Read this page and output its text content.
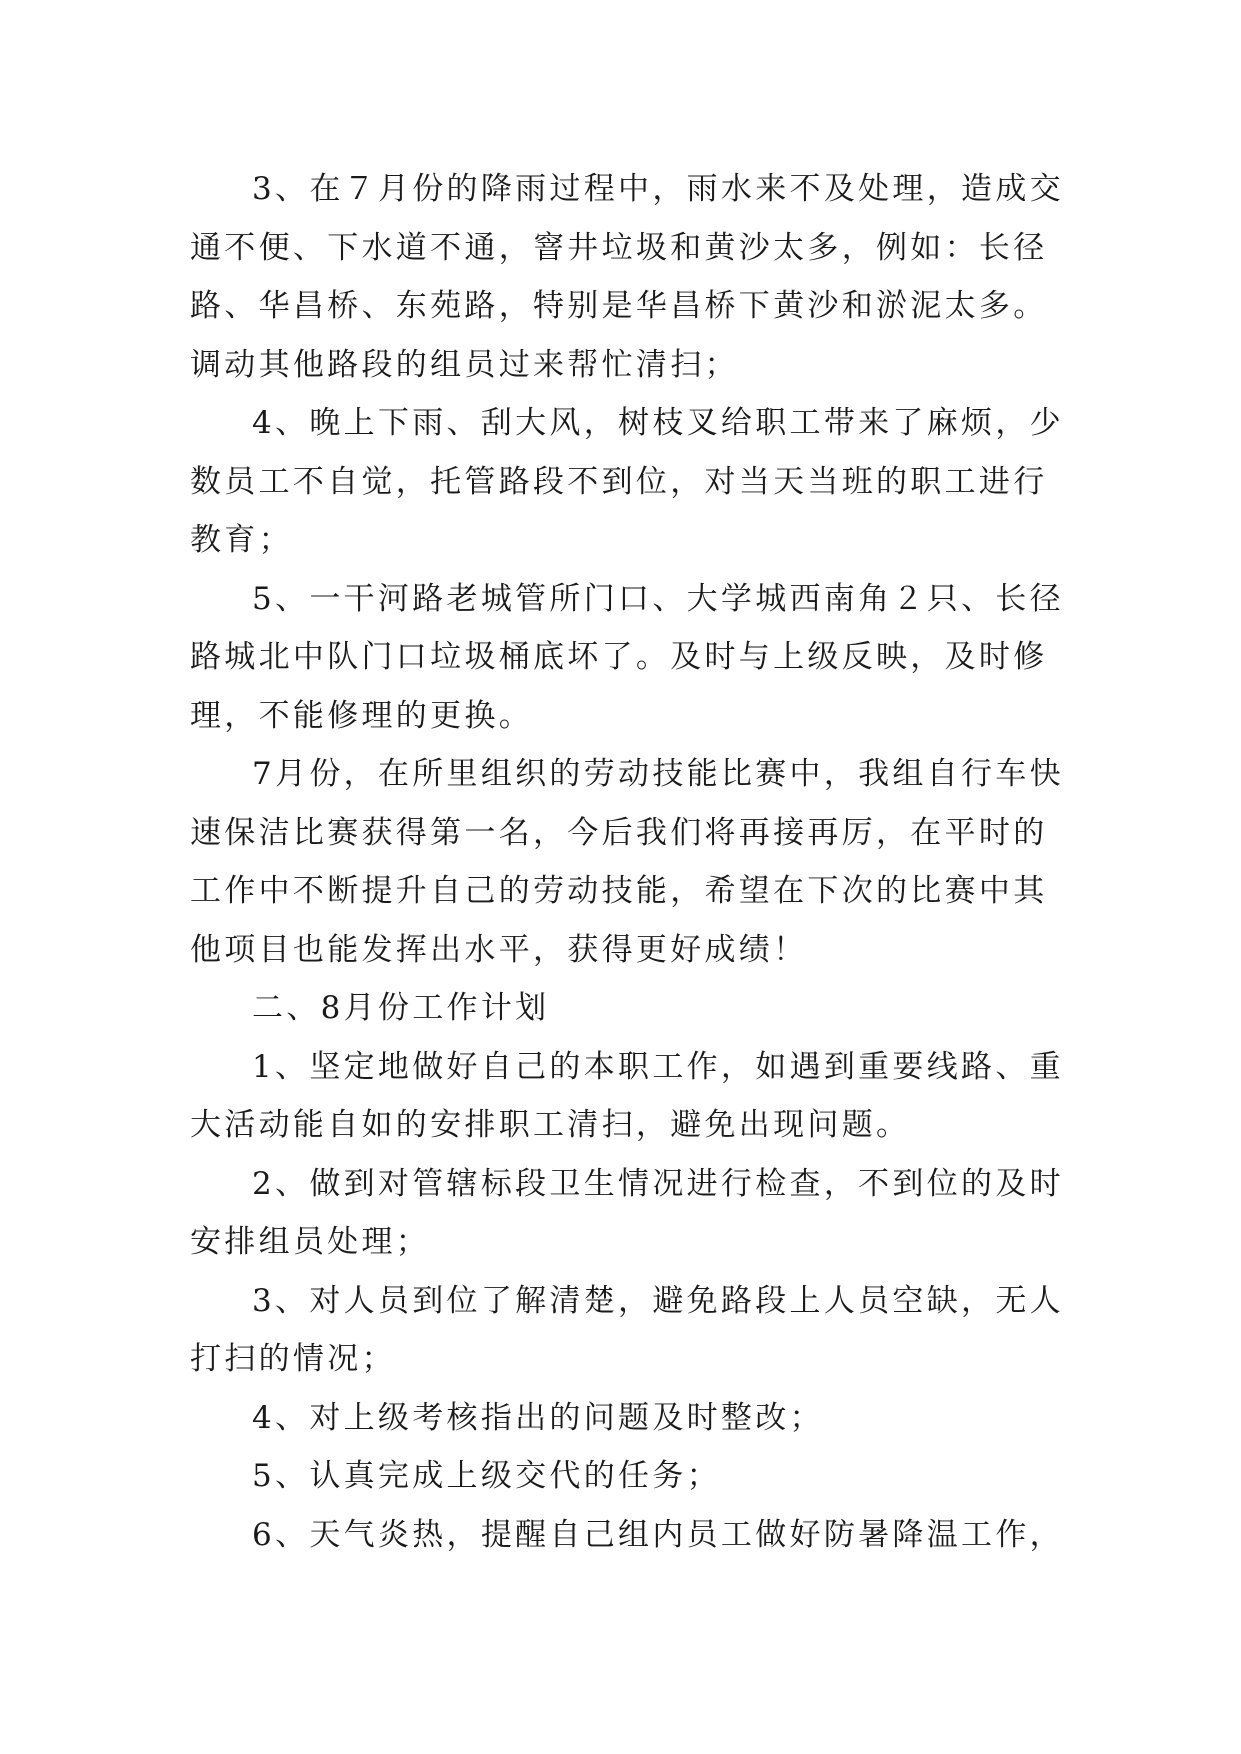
3、在７月份的降雨过程中，雨水来不及处理，造成交通不便、下水道不通，窨井垃圾和黄沙太多，例如：长径路、华昌桥、东苑路，特别是华昌桥下黄沙和淤泥太多。调动其他路段的组员过来帮忙清扫；

4、晚上下雨、刮大风，树枝叉给职工带来了麻烦，少数员工不自觉，托管路段不到位，对当天当班的职工进行教育；

5、一干河路老城管所门口、大学城西南角２只、长径路城北中队门口垃圾桶底坏了。及时与上级反映，及时修理，不能修理的更换。

7月份，在所里组织的劳动技能比赛中，我组自行车快速保洁比赛获得第一名，今后我们将再接再厉，在平时的工作中不断提升自己的劳动技能，希望在下次的比赛中其他项目也能发挥出水平，获得更好成绩！

二、8月份工作计划

1、坚定地做好自己的本职工作，如遇到重要线路、重大活动能自如的安排职工清扫，避免出现问题。

2、做到对管辖标段卫生情况进行检查，不到位的及时安排组员处理；

3、对人员到位了解清楚，避免路段上人员空缺，无人打扫的情况；

4、对上级考核指出的问题及时整改；

5、认真完成上级交代的任务；

6、天气炎热，提醒自己组内员工做好防暑降温工作，
